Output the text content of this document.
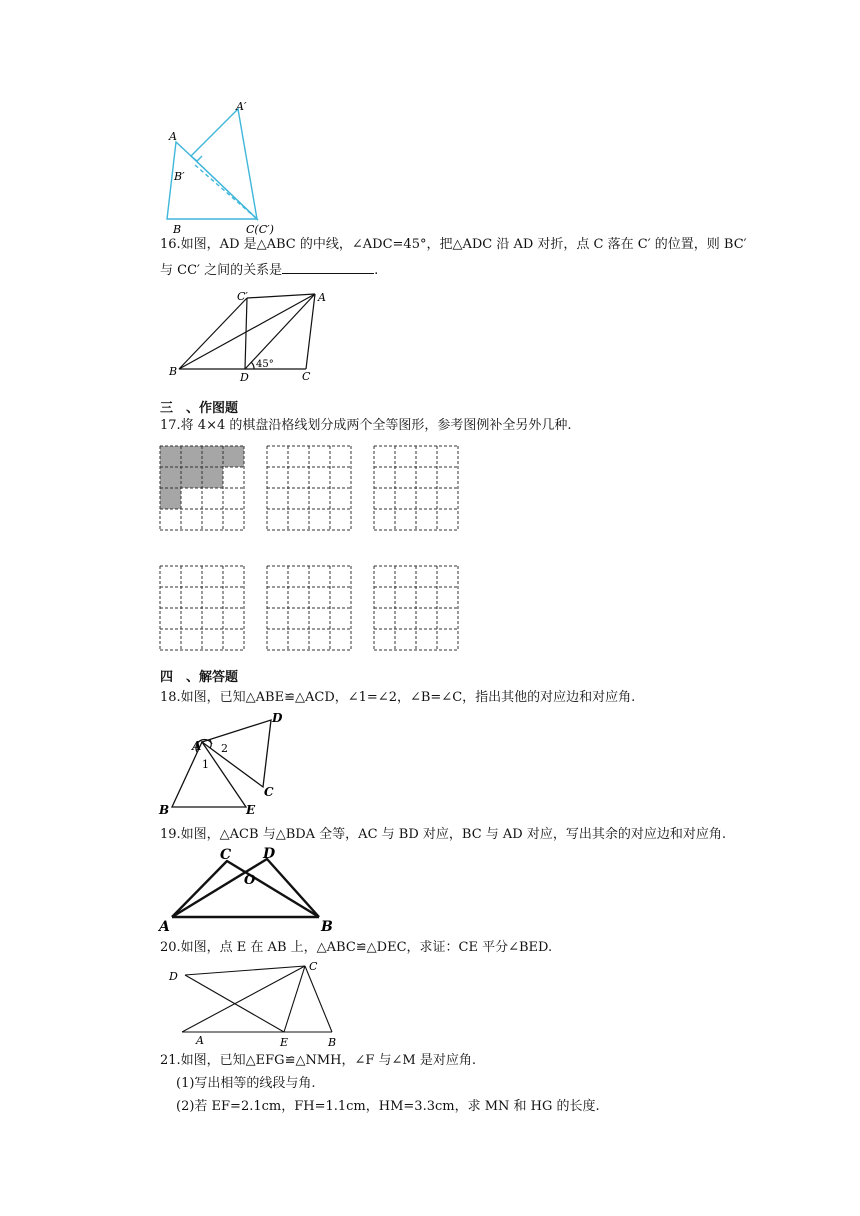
A
A′
B′
B	C(C′)
16.如图，AD 是△ABC 的中线，∠ADC=45°，把△ADC 沿 AD 对折，点 C 落在 C′ 的位置，则 BC′
与 CC′ 之间的关系是	.
C′	A
B	D	C
45°
三　、作图题
17.将 4×4 的棋盘沿格线划分成两个全等图形，参考图例补全另外几种.
四　、解答题
18.如图，已知△ABE≌△ACD，∠1=∠2，∠B=∠C，指出其他的对应边和对应角.
A
D
2
1
C
B	E
19.如图，△ACB 与△BDA 全等，AC 与 BD 对应，BC 与 AD 对应，写出其余的对应边和对应角.
C D
O
A	B
20.如图，点 E 在 AB 上，△ABC≌△DEC，求证：CE 平分∠BED.
C
D
A	E	B
21.如图，已知△EFG≌△NMH，∠F 与∠M 是对应角.
(1)写出相等的线段与角.
(2)若 EF=2.1cm，FH=1.1cm，HM=3.3cm，求 MN 和 HG 的长度.
